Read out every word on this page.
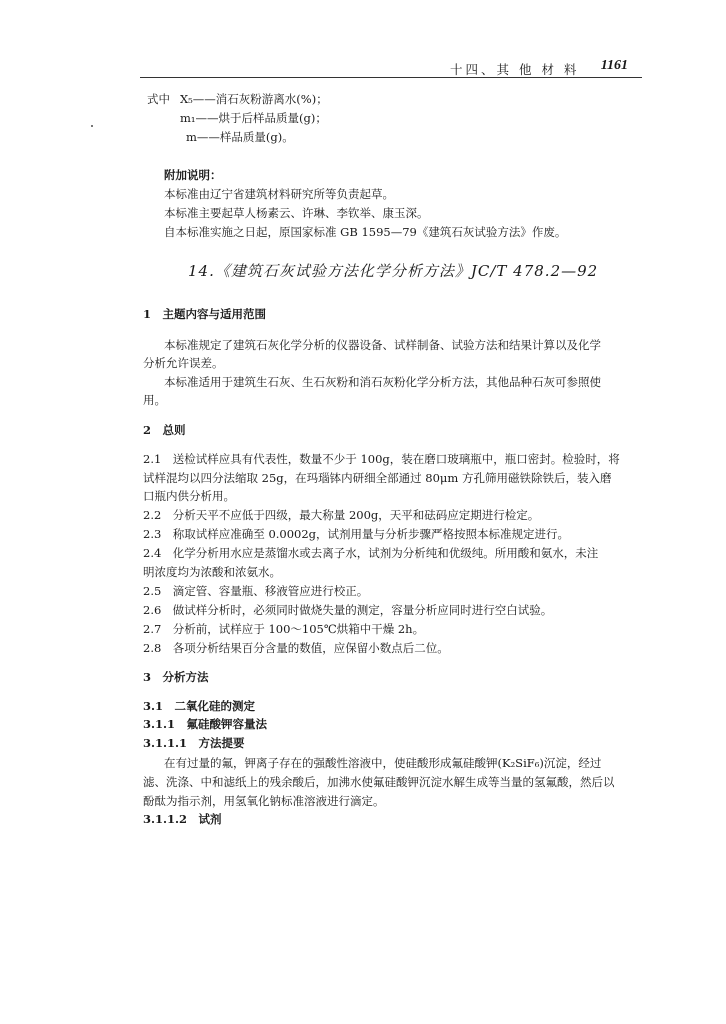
十四、其 他 材 料 1161
式中 X₅——消石灰粉游离水(%)；
m₁——烘于后样品质量(g)；
m——样品质量(g)。
附加说明：
本标准由辽宁省建筑材料研究所等负责起草。
本标准主要起草人杨素云、许琳、李钦举、康玉深。
自本标准实施之日起，原国家标准 GB 1595—79《建筑石灰试验方法》作废。
14.《建筑石灰试验方法化学分析方法》JC/T 478.2—92
1　主题内容与适用范围
本标准规定了建筑石灰化学分析的仪器设备、试样制备、试验方法和结果计算以及化学
分析允许误差。
本标准适用于建筑生石灰、生石灰粉和消石灰粉化学分析方法，其他品种石灰可参照使
用。
2　总则
2.1　送检试样应具有代表性，数量不少于 100g，装在磨口玻璃瓶中，瓶口密封。检验时，将
试样混均以四分法缩取 25g，在玛瑙钵内研细全部通过 80μm 方孔筛用磁铁除铁后，装入磨
口瓶内供分析用。
2.2　分析天平不应低于四级，最大称量 200g，天平和砝码应定期进行检定。
2.3　称取试样应准确至 0.0002g，试剂用量与分析步骤严格按照本标准规定进行。
2.4　化学分析用水应是蒸馏水或去离子水，试剂为分析纯和优级纯。所用酸和氨水，未注
明浓度均为浓酸和浓氨水。
2.5　滴定管、容量瓶、移液管应进行校正。
2.6　做试样分析时，必须同时做烧失量的测定，容量分析应同时进行空白试验。
2.7　分析前，试样应于 100～105℃烘箱中干燥 2h。
2.8　各项分析结果百分含量的数值，应保留小数点后二位。
3　分析方法
3.1　二氧化硅的测定
3.1.1　氟硅酸钾容量法
3.1.1.1　方法提要
在有过量的氟，钾离子存在的强酸性溶液中，使硅酸形成氟硅酸钾(K₂SiF₆)沉淀，经过
滤、洗涤、中和滤纸上的残余酸后，加沸水使氟硅酸钾沉淀水解生成等当量的氢氟酸，然后以
酚酞为指示剂，用氢氧化钠标准溶液进行滴定。
3.1.1.2　试剂
